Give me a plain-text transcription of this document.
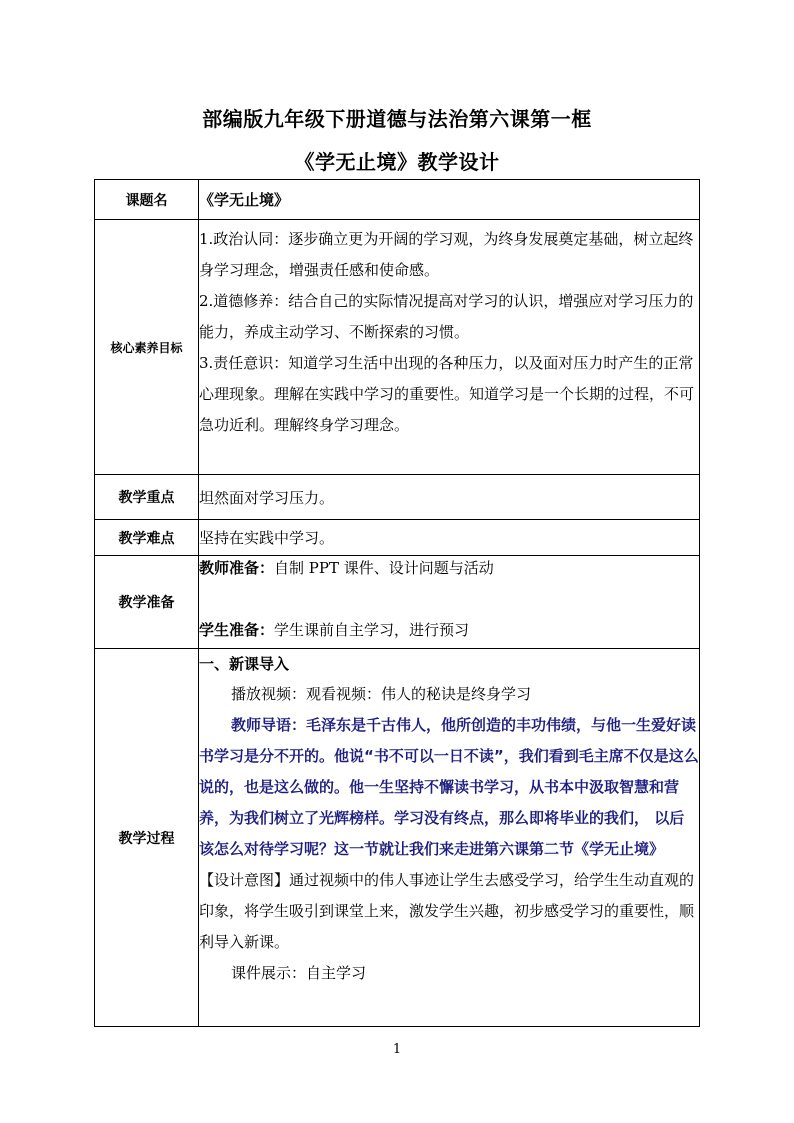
部编版九年级下册道德与法治第六课第一框
《学无止境》教学设计
课题名	《学无止境》
核心素养目标	1.政治认同：逐步确立更为开阔的学习观，为终身发展奠定基础，树立起终身学习理念，增强责任感和使命感。

2.道德修养：结合自己的实际情况提高对学习的认识，增强应对学习压力的能力，养成主动学习、不断探索的习惯。

3.责任意识：知道学习生活中出现的各种压力，以及面对压力时产生的正常心理现象。理解在实践中学习的重要性。知道学习是一个长期的过程，不可急功近利。理解终身学习理念。

教学重点	坦然面对学习压力。
教学难点	坚持在实践中学习。
教学准备	教师准备：自制 PPT 课件、设计问题与活动

学生准备：学生课前自主学习，进行预习

教学过程	一、新课导入

播放视频：观看视频：伟人的秘诀是终身学习

教师导语：毛泽东是千古伟人，他所创造的丰功伟绩，与他一生爱好读书学习是分不开的。他说“书不可以一日不读”，我们看到毛主席不仅是这么说的，也是这么做的。他一生坚持不懈读书学习，从书本中汲取智慧和营养，为我们树立了光辉榜样。学习没有终点，那么即将毕业的我们， 以后该怎么对待学习呢？这一节就让我们来走进第六课第二节《学无止境》

【设计意图】通过视频中的伟人事迹让学生去感受学习，给学生生动直观的印象，将学生吸引到课堂上来，激发学生兴趣，初步感受学习的重要性，顺利导入新课。

课件展示：自主学习

1
